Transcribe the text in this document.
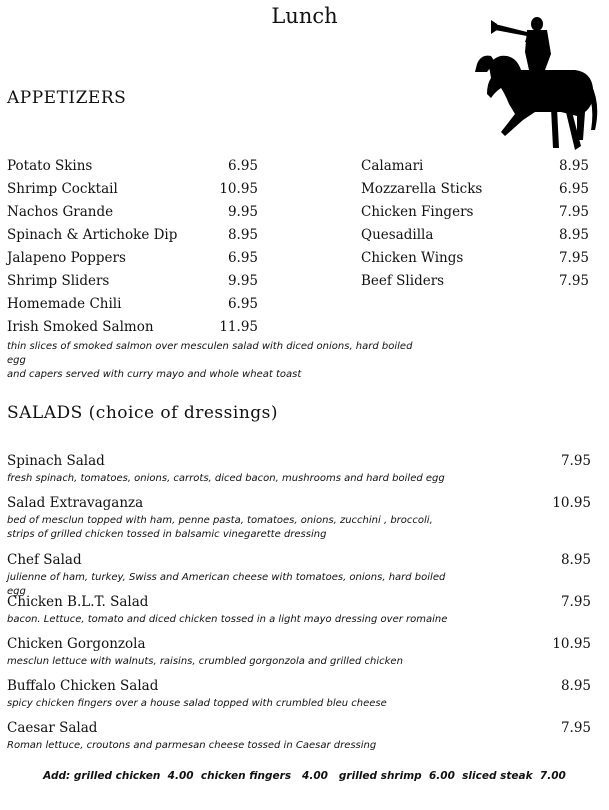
Lunch
APPETIZERS
Potato Skins	6.95
Shrimp Cocktail	10.95
Nachos Grande	9.95
Spinach & Artichoke Dip	8.95
Jalapeno Poppers	6.95
Shrimp Sliders	9.95
Homemade Chili	6.95
Irish Smoked Salmon	11.95
Calamari	8.95
Mozzarella Sticks	6.95
Chicken Fingers	7.95
Quesadilla	8.95
Chicken Wings	7.95
Beef Sliders	7.95
thin slices of smoked salmon over mesculen salad with diced onions, hard boiled egg
and capers served with curry mayo and whole wheat toast
SALADS (choice of dressings)
Spinach Salad	7.95
fresh spinach, tomatoes, onions, carrots, diced bacon, mushrooms and hard boiled egg
Salad Extravaganza	10.95
bed of mesclun topped with ham, penne pasta, tomatoes, onions, zucchini , broccoli,
strips of grilled chicken tossed in balsamic vinegarette dressing
Chef Salad	8.95
julienne of ham, turkey, Swiss and American cheese with tomatoes, onions, hard boiled egg
Chicken B.L.T. Salad	7.95
bacon. Lettuce, tomato and diced chicken tossed in a light mayo dressing over romaine
Chicken Gorgonzola	10.95
mesclun lettuce with walnuts, raisins, crumbled gorgonzola and grilled chicken
Buffalo Chicken Salad	8.95
spicy chicken fingers over a house salad topped with crumbled bleu cheese
Caesar Salad	7.95
Roman lettuce, croutons and parmesan cheese tossed in Caesar dressing
Add: grilled chicken  4.00  chicken fingers   4.00   grilled shrimp  6.00  sliced steak  7.00
